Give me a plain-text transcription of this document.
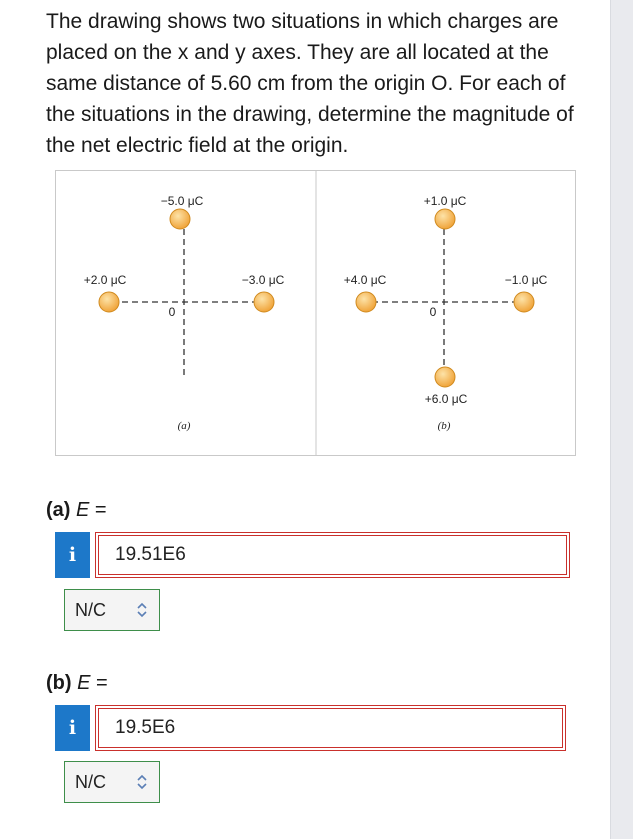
The drawing shows two situations in which charges are placed on the x and y axes. They are all located at the same distance of 5.60 cm from the origin O. For each of the situations in the drawing, determine the magnitude of the net electric ﬁeld at the origin.

−5.0 μC
+2.0 μC	−3.0 μC
0
(a)
+1.0 μC
+4.0 μC	−1.0 μC
+6.0 μC
0
(b)
(a) E =
i 19.51E6
N/C
(b) E =
i 19.5E6
N/C
